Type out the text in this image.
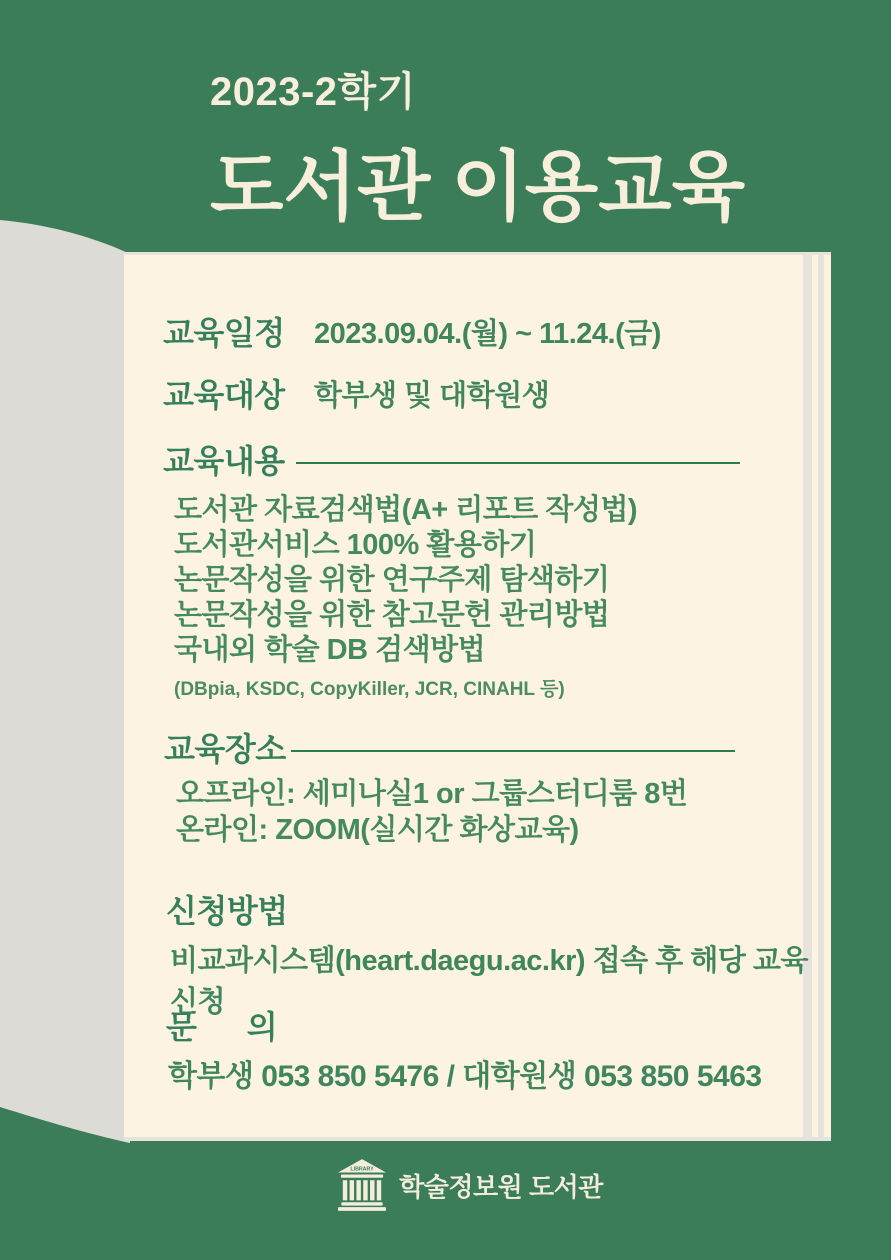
2023-2학기
도서관 이용교육
교육일정 2023.09.04.(월) ~ 11.24.(금)
교육대상 학부생 및 대학원생
교육내용
도서관 자료검색법(A+ 리포트 작성법)
도서관서비스 100% 활용하기
논문작성을 위한 연구주제 탐색하기
논문작성을 위한 참고문헌 관리방법
국내외 학술 DB 검색방법
(DBpia, KSDC, CopyKiller, JCR, CINAHL 등)
교육장소
오프라인: 세미나실1 or 그룹스터디룸 8번
온라인: ZOOM(실시간 화상교육)
신청방법
비교과시스템(heart.daegu.ac.kr) 접속 후 해당 교육 신청
문      의
학부생 053 850 5476 / 대학원생 053 850 5463
LIBRARY
학술정보원 도서관
